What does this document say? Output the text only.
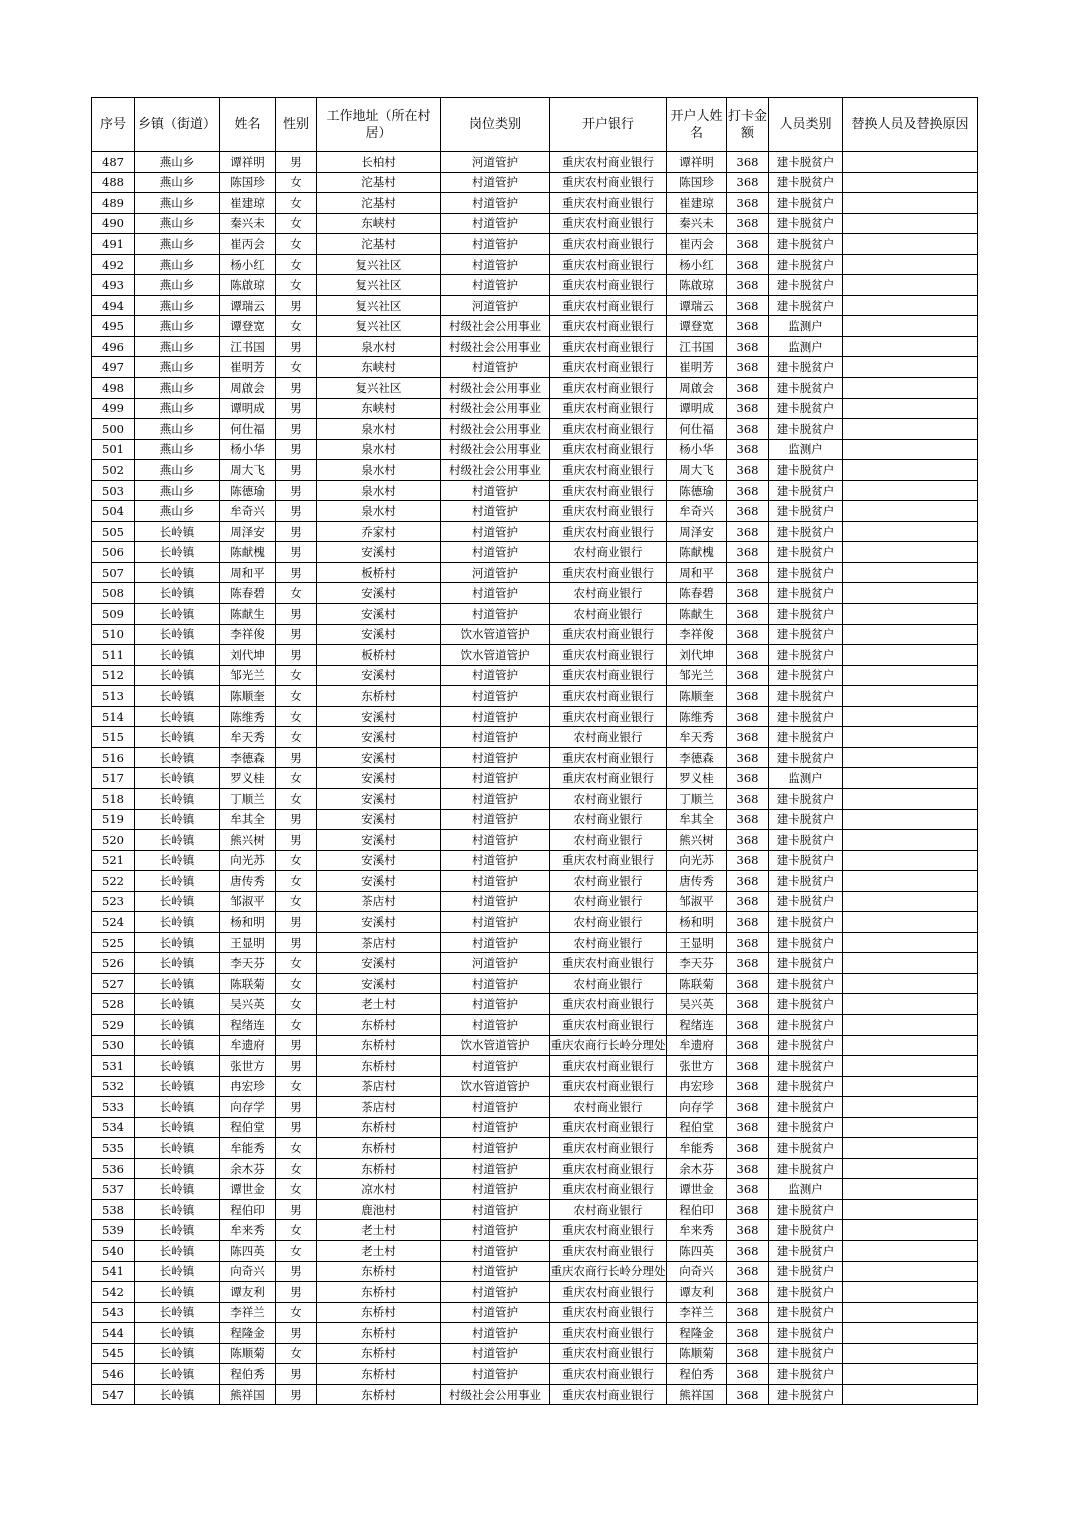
序号	乡镇（街道）	姓名	性别	工作地址（所在村居）	岗位类别	开户银行	开户人姓名	打卡金额	人员类别	替换人员及替换原因
487	燕山乡	谭祥明	男	长柏村	河道管护	重庆农村商业银行	谭祥明	368	建卡脱贫户	
488	燕山乡	陈国珍	女	沱基村	村道管护	重庆农村商业银行	陈国珍	368	建卡脱贫户	
489	燕山乡	崔建琼	女	沱基村	村道管护	重庆农村商业银行	崔建琼	368	建卡脱贫户	
490	燕山乡	秦兴未	女	东峡村	村道管护	重庆农村商业银行	秦兴未	368	建卡脱贫户	
491	燕山乡	崔丙会	女	沱基村	村道管护	重庆农村商业银行	崔丙会	368	建卡脱贫户	
492	燕山乡	杨小红	女	复兴社区	村道管护	重庆农村商业银行	杨小红	368	建卡脱贫户	
493	燕山乡	陈啟琼	女	复兴社区	村道管护	重庆农村商业银行	陈啟琼	368	建卡脱贫户	
494	燕山乡	谭瑞云	男	复兴社区	河道管护	重庆农村商业银行	谭瑞云	368	建卡脱贫户	
495	燕山乡	谭登宽	女	复兴社区	村级社会公用事业	重庆农村商业银行	谭登宽	368	监测户	
496	燕山乡	江书国	男	泉水村	村级社会公用事业	重庆农村商业银行	江书国	368	监测户	
497	燕山乡	崔明芳	女	东峡村	村道管护	重庆农村商业银行	崔明芳	368	建卡脱贫户	
498	燕山乡	周啟会	男	复兴社区	村级社会公用事业	重庆农村商业银行	周啟会	368	建卡脱贫户	
499	燕山乡	谭明成	男	东峡村	村级社会公用事业	重庆农村商业银行	谭明成	368	建卡脱贫户	
500	燕山乡	何仕福	男	泉水村	村级社会公用事业	重庆农村商业银行	何仕福	368	建卡脱贫户	
501	燕山乡	杨小华	男	泉水村	村级社会公用事业	重庆农村商业银行	杨小华	368	监测户	
502	燕山乡	周大飞	男	泉水村	村级社会公用事业	重庆农村商业银行	周大飞	368	建卡脱贫户	
503	燕山乡	陈德瑜	男	泉水村	村道管护	重庆农村商业银行	陈德瑜	368	建卡脱贫户	
504	燕山乡	牟奇兴	男	泉水村	村道管护	重庆农村商业银行	牟奇兴	368	建卡脱贫户	
505	长岭镇	周泽安	男	乔家村	村道管护	重庆农村商业银行	周泽安	368	建卡脱贫户	
506	长岭镇	陈献槐	男	安溪村	村道管护	农村商业银行	陈献槐	368	建卡脱贫户	
507	长岭镇	周和平	男	板桥村	河道管护	重庆农村商业银行	周和平	368	建卡脱贫户	
508	长岭镇	陈春碧	女	安溪村	村道管护	农村商业银行	陈春碧	368	建卡脱贫户	
509	长岭镇	陈献生	男	安溪村	村道管护	农村商业银行	陈献生	368	建卡脱贫户	
510	长岭镇	李祥俊	男	安溪村	饮水管道管护	重庆农村商业银行	李祥俊	368	建卡脱贫户	
511	长岭镇	刘代坤	男	板桥村	饮水管道管护	重庆农村商业银行	刘代坤	368	建卡脱贫户	
512	长岭镇	邹光兰	女	安溪村	村道管护	重庆农村商业银行	邹光兰	368	建卡脱贫户	
513	长岭镇	陈顺奎	女	东桥村	村道管护	重庆农村商业银行	陈顺奎	368	建卡脱贫户	
514	长岭镇	陈维秀	女	安溪村	村道管护	重庆农村商业银行	陈维秀	368	建卡脱贫户	
515	长岭镇	牟天秀	女	安溪村	村道管护	农村商业银行	牟天秀	368	建卡脱贫户	
516	长岭镇	李德森	男	安溪村	村道管护	重庆农村商业银行	李德森	368	建卡脱贫户	
517	长岭镇	罗义桂	女	安溪村	村道管护	重庆农村商业银行	罗义桂	368	监测户	
518	长岭镇	丁顺兰	女	安溪村	村道管护	农村商业银行	丁顺兰	368	建卡脱贫户	
519	长岭镇	牟其全	男	安溪村	村道管护	农村商业银行	牟其全	368	建卡脱贫户	
520	长岭镇	熊兴树	男	安溪村	村道管护	农村商业银行	熊兴树	368	建卡脱贫户	
521	长岭镇	向光苏	女	安溪村	村道管护	重庆农村商业银行	向光苏	368	建卡脱贫户	
522	长岭镇	唐传秀	女	安溪村	村道管护	农村商业银行	唐传秀	368	建卡脱贫户	
523	长岭镇	邹淑平	女	茶店村	村道管护	农村商业银行	邹淑平	368	建卡脱贫户	
524	长岭镇	杨和明	男	安溪村	村道管护	农村商业银行	杨和明	368	建卡脱贫户	
525	长岭镇	王显明	男	茶店村	村道管护	农村商业银行	王显明	368	建卡脱贫户	
526	长岭镇	李天芬	女	安溪村	河道管护	重庆农村商业银行	李天芬	368	建卡脱贫户	
527	长岭镇	陈联菊	女	安溪村	村道管护	农村商业银行	陈联菊	368	建卡脱贫户	
528	长岭镇	吴兴英	女	老土村	村道管护	重庆农村商业银行	吴兴英	368	建卡脱贫户	
529	长岭镇	程绪连	女	东桥村	村道管护	重庆农村商业银行	程绪连	368	建卡脱贫户	
530	长岭镇	牟遗府	男	东桥村	饮水管道管护	重庆农商行长岭分理处	牟遗府	368	建卡脱贫户	
531	长岭镇	张世方	男	东桥村	村道管护	重庆农村商业银行	张世方	368	建卡脱贫户	
532	长岭镇	冉宏珍	女	茶店村	饮水管道管护	重庆农村商业银行	冉宏珍	368	建卡脱贫户	
533	长岭镇	向存学	男	茶店村	村道管护	农村商业银行	向存学	368	建卡脱贫户	
534	长岭镇	程伯堂	男	东桥村	村道管护	重庆农村商业银行	程伯堂	368	建卡脱贫户	
535	长岭镇	牟能秀	女	东桥村	村道管护	重庆农村商业银行	牟能秀	368	建卡脱贫户	
536	长岭镇	余木芬	女	东桥村	村道管护	重庆农村商业银行	余木芬	368	建卡脱贫户	
537	长岭镇	谭世金	女	凉水村	村道管护	重庆农村商业银行	谭世金	368	监测户	
538	长岭镇	程伯印	男	鹿池村	村道管护	农村商业银行	程伯印	368	建卡脱贫户	
539	长岭镇	牟来秀	女	老土村	村道管护	重庆农村商业银行	牟来秀	368	建卡脱贫户	
540	长岭镇	陈四英	女	老土村	村道管护	重庆农村商业银行	陈四英	368	建卡脱贫户	
541	长岭镇	向奇兴	男	东桥村	村道管护	重庆农商行长岭分理处	向奇兴	368	建卡脱贫户	
542	长岭镇	谭友利	男	东桥村	村道管护	重庆农村商业银行	谭友利	368	建卡脱贫户	
543	长岭镇	李祥兰	女	东桥村	村道管护	重庆农村商业银行	李祥兰	368	建卡脱贫户	
544	长岭镇	程隆金	男	东桥村	村道管护	重庆农村商业银行	程隆金	368	建卡脱贫户	
545	长岭镇	陈顺菊	女	东桥村	村道管护	重庆农村商业银行	陈顺菊	368	建卡脱贫户	
546	长岭镇	程伯秀	男	东桥村	村道管护	重庆农村商业银行	程伯秀	368	建卡脱贫户	
547	长岭镇	熊祥国	男	东桥村	村级社会公用事业	重庆农村商业银行	熊祥国	368	建卡脱贫户	
